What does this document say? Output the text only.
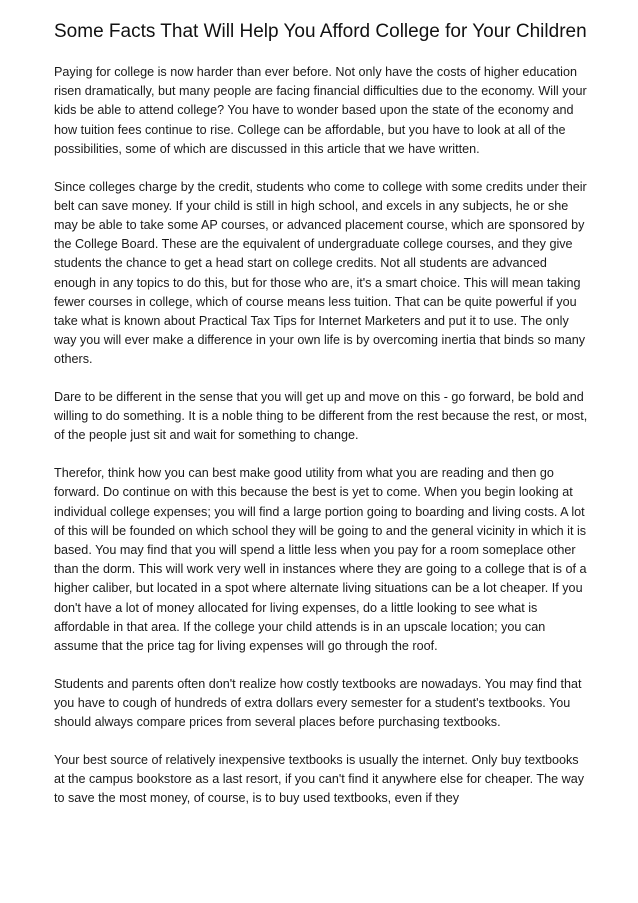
Some Facts That Will Help You Afford College for Your Children

Paying for college is now harder than ever before. Not only have the costs of higher education risen dramatically, but many people are facing financial difficulties due to the economy. Will your kids be able to attend college? You have to wonder based upon the state of the economy and how tuition fees continue to rise. College can be affordable, but you have to look at all of the possibilities, some of which are discussed in this article that we have written.

Since colleges charge by the credit, students who come to college with some credits under their belt can save money. If your child is still in high school, and excels in any subjects, he or she may be able to take some AP courses, or advanced placement course, which are sponsored by the College Board. These are the equivalent of undergraduate college courses, and they give students the chance to get a head start on college credits. Not all students are advanced enough in any topics to do this, but for those who are, it's a smart choice. This will mean taking fewer courses in college, which of course means less tuition. That can be quite powerful if you take what is known about Practical Tax Tips for Internet Marketers and put it to use. The only way you will ever make a difference in your own life is by overcoming inertia that binds so many others.

Dare to be different in the sense that you will get up and move on this - go forward, be bold and willing to do something. It is a noble thing to be different from the rest because the rest, or most, of the people just sit and wait for something to change.

Therefor, think how you can best make good utility from what you are reading and then go forward. Do continue on with this because the best is yet to come. When you begin looking at individual college expenses; you will find a large portion going to boarding and living costs. A lot of this will be founded on which school they will be going to and the general vicinity in which it is based. You may find that you will spend a little less when you pay for a room someplace other than the dorm. This will work very well in instances where they are going to a college that is of a higher caliber, but located in a spot where alternate living situations can be a lot cheaper. If you don't have a lot of money allocated for living expenses, do a little looking to see what is affordable in that area. If the college your child attends is in an upscale location; you can assume that the price tag for living expenses will go through the roof.

Students and parents often don't realize how costly textbooks are nowadays. You may find that you have to cough of hundreds of extra dollars every semester for a student's textbooks. You should always compare prices from several places before purchasing textbooks.

Your best source of relatively inexpensive textbooks is usually the internet. Only buy textbooks at the campus bookstore as a last resort, if you can't find it anywhere else for cheaper. The way to save the most money, of course, is to buy used textbooks, even if they
